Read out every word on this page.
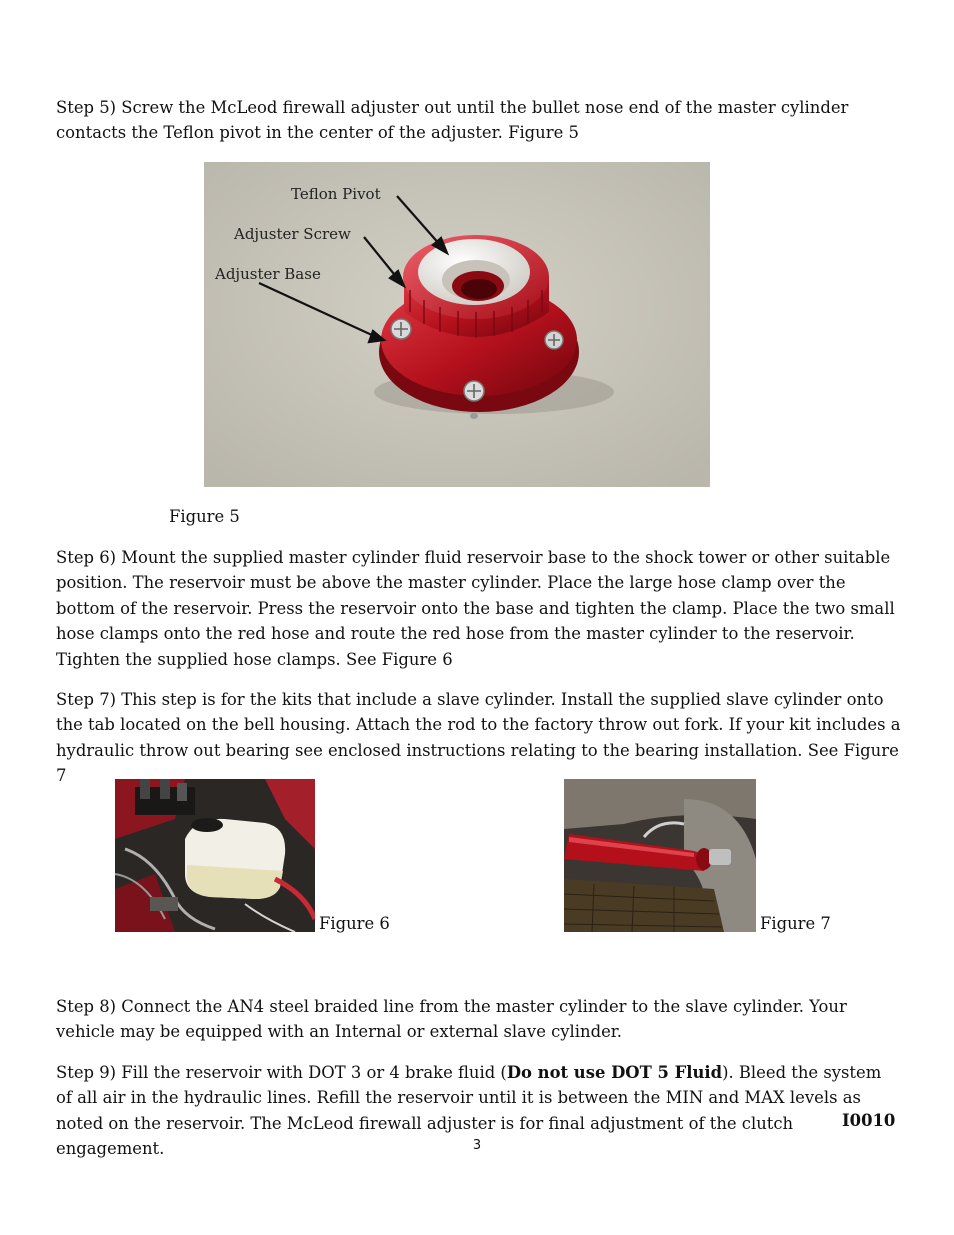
Step 5) Screw the McLeod firewall adjuster out until the bullet nose end of the master cylinder contacts the Teflon pivot in the center of the adjuster. Figure 5

Teflon Pivot
Adjuster Screw
Adjuster Base
Figure 5

Step 6) Mount the supplied master cylinder fluid reservoir base to the shock tower or other suitable position. The reservoir must be above the master cylinder. Place the large hose clamp over the bottom of the reservoir. Press the reservoir onto the base and tighten the clamp. Place the two small hose clamps onto the red hose and route the red hose from the master cylinder to the reservoir. Tighten the supplied hose clamps. See Figure 6

Step 7) This step is for the kits that include a slave cylinder. Install the supplied slave cylinder onto the tab located on the bell housing. Attach the rod to the factory throw out fork. If your kit includes a hydraulic throw out bearing see enclosed instructions relating to the bearing installation. See Figure 7

Figure 6	Figure 7

Step 8) Connect the AN4 steel braided line from the master cylinder to the slave cylinder. Your vehicle may be equipped with an Internal or external slave cylinder.

Step 9) Fill the reservoir with DOT 3 or 4 brake fluid (Do not use DOT 5 Fluid). Bleed the system of all air in the hydraulic lines. Refill the reservoir until it is between the MIN and MAX levels as noted on the reservoir. The McLeod firewall adjuster is for final adjustment of the clutch engagement.

I0010
3
